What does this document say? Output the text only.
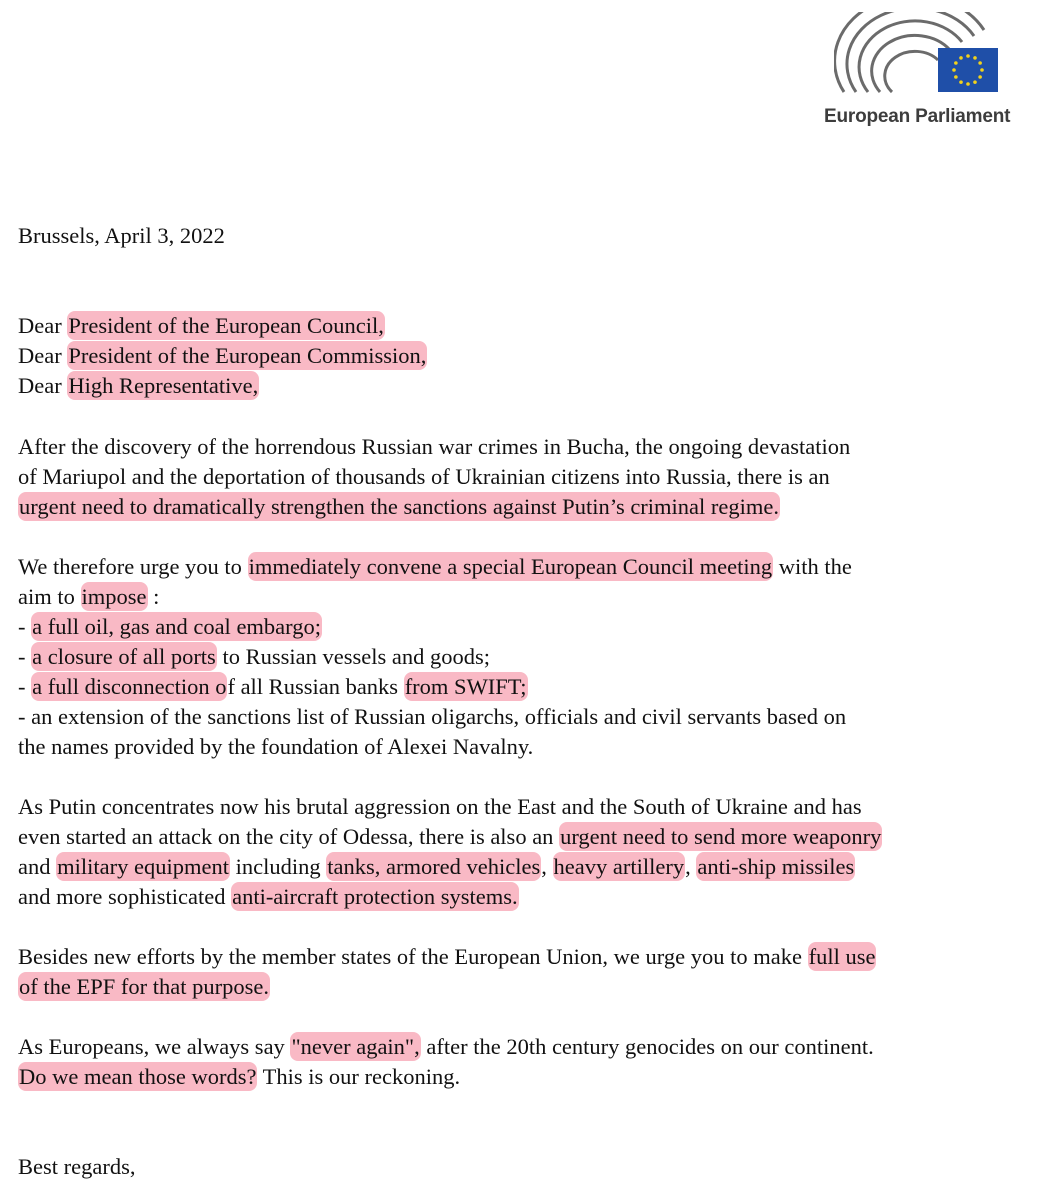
European Parliament
Brussels, April 3, 2022
Dear President of the European Council,
Dear President of the European Commission,
Dear High Representative,
After the discovery of the horrendous Russian war crimes in Bucha, the ongoing devastation
of Mariupol and the deportation of thousands of Ukrainian citizens into Russia, there is an
urgent need to dramatically strengthen the sanctions against Putin’s criminal regime.
We therefore urge you to immediately convene a special European Council meeting with the
aim to impose :
- a full oil, gas and coal embargo;
- a closure of all ports to Russian vessels and goods;
- a full disconnection of all Russian banks from SWIFT;
- an extension of the sanctions list of Russian oligarchs, officials and civil servants based on
the names provided by the foundation of Alexei Navalny.
As Putin concentrates now his brutal aggression on the East and the South of Ukraine and has
even started an attack on the city of Odessa, there is also an urgent need to send more weaponry
and military equipment including tanks, armored vehicles, heavy artillery, anti-ship missiles
and more sophisticated anti-aircraft protection systems.
Besides new efforts by the member states of the European Union, we urge you to make full use
of the EPF for that purpose.
As Europeans, we always say "never again", after the 20th century genocides on our continent.
Do we mean those words? This is our reckoning.
Best regards,
